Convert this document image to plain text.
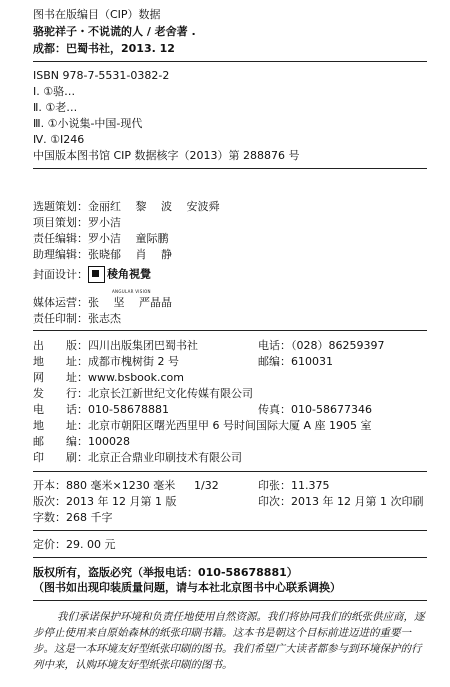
图书在版编目（CIP）数据
骆驼祥子・不说谎的人 / 老舍著 .
成都：巴蜀书社，2013. 12
ISBN 978-7-5531-0382-2
Ⅰ. ①骆…
Ⅱ. ①老…
Ⅲ. ①小说集-中国-现代
Ⅳ. ①I246
中国版本图书馆 CIP 数据核字（2013）第 288876 号
选题策划：金丽红　 黎　 波　 安波舜
项目策划：罗小洁
责任编辑：罗小洁　 童际鹏
助理编辑：张晓郁　 肖　 静
封面设计： 稜角視覺
ANGULAR VISION
媒体运营：张　 坚　 严晶晶
责任印制：张志杰
出　　版：四川出版集团巴蜀书社	电话：（028）86259397
地　　址：成都市槐树街 2 号	邮编：610031
网　　址：www.bsbook.com
发　　行：北京长江新世纪文化传媒有限公司
电　　话：010-58678881	传真：010-58677346
地　　址：北京市朝阳区曙光西里甲 6 号时间国际大厦 A 座 1905 室
邮　　编：100028
印　　刷：北京正合鼎业印刷技术有限公司
开本：880 毫米×1230 毫米 1/32	印张：11.375
版次：2013 年 12 月第 1 版	印次：2013 年 12 月第 1 次印刷
字数：268 千字
定价：29. 00 元
版权所有，盗版必究（举报电话：010-58678881）
（图书如出现印装质量问题，请与本社北京图书中心联系调换）
我们承诺保护环境和负责任地使用自然资源。我们将协同我们的纸张供应商，逐
步停止使用来自原始森林的纸张印刷书籍。这本书是朝这个目标前进迈进的重要一
步。这是一本环境友好型纸张印刷的图书。我们希望广大读者都参与到环境保护的行
列中来，认购环境友好型纸张印刷的图书。
